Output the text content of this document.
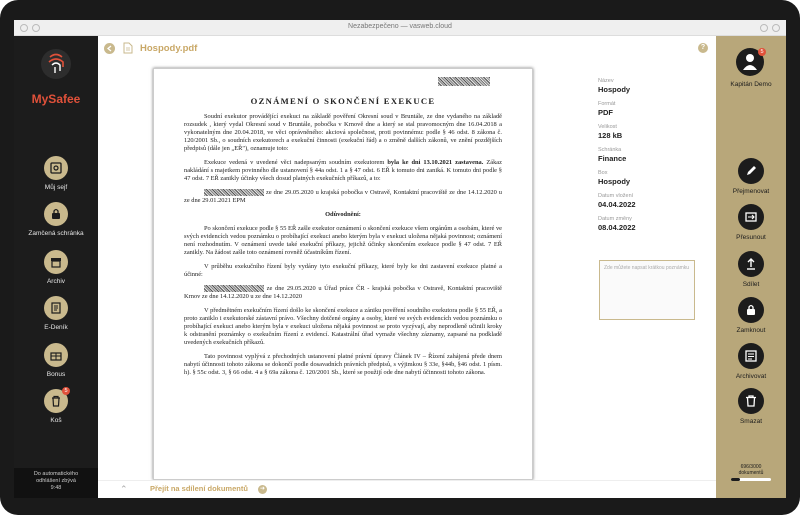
Nezabezpečeno — vasweb.cloud
MySafee
Můj sejf
Zamčená schránka
Archiv
E-Deník
Bonus
5
Koš
Do automatického
odhlášení zbývá
9:48
Hospody.pdf	?
OZNÁMENÍ O SKONČENÍ EXEKUCE

Soudní exekutor provádějící exekuci na základě pověření Okresní soud v Bruntále, ze dne vydaného na základě rozsudek , který vydal Okresní soud v Bruntále, pobočka v Krnově dne a který se stal pravomocným dne 16.04.2018 a vykonatelným dne 20.04.2018, ve věci oprávněného: akciová společnost, proti povinnému: podle § 46 odst. 8 zákona č. 120/2001 Sb., o soudních exekutorech a exekuční činnosti (exekuční řád) a o změně dalších zákonů, ve znění pozdějších předpisů (dále jen „EŘ"), oznamuje toto:

Exekuce vedená v uvedené věci nadepsaným soudním exekutorem byla ke dni 13.10.2021 zastavena. Zákaz nakládání s majetkem povinného dle ustanovení § 44a odst. 1 a § 47 odst. 6 EŘ k tomuto dni zaniká. K tomuto dni podle § 47 odst. 7 EŘ zanikly účinky všech dosud platných exekučních příkazů, a to:

ze dne 29.05.2020 u krajská pobočka v Ostravě, Kontaktní pracoviště ze dne 14.12.2020 u ze dne 29.01.2021 EPM

Odůvodnění:

Po skončení exekuce podle § 55 EŘ zašle exekutor oznámení o skončení exekuce všem orgánům a osobám, které ve svých evidencích vedou poznámku o probíhající exekuci anebo kterým byla v exekuci uložena nějaká povinnost; oznámení není rozhodnutím. V oznámení uvede také exekuční příkazy, jejichž účinky skončením exekuce podle § 47 odst. 7 EŘ zanikly. Na žádost zašle toto oznámení rovněž účastníkům řízení.

V průběhu exekučního řízení byly vydány tyto exekuční příkazy, které byly ke dni zastavení exekuce platné a účinné:

ze dne 29.05.2020 u Úřad práce ČR - krajská pobočka v Ostravě, Kontaktní pracoviště Krnov ze dne 14.12.2020 u ze dne 14.12.2020

V předmětném exekučním řízení došlo ke skončení exekuce a zániku pověření soudního exekutora podle § 55 EŘ, a proto zaniklo i exekutorské zástavní právo. Všechny dotčené orgány a osoby, které ve svých evidencích vedou poznámku o probíhající exekuci anebo kterým byla v exekuci uložena nějaká povinnost se proto vyzývají, aby neprodleně učinili kroky k odstranění poznámky o exekučním řízení z evidencí. Katastrální úřad vymaže všechny záznamy, zapsané na podkladě uvedených exekučních příkazů.

Tato povinnost vyplývá z přechodných ustanovení platné právní úpravy Článek IV – Řízení zahájená přede dnem nabytí účinnosti tohoto zákona se dokončí podle dosavadních právních předpisů, s výjimkou § 33e, §44b, §46 odst. 1 písm. h). § 55c odst. 3, § 66 odst. 4 a § 69a zákona č. 120/2001 Sb., které se použijí ode dne nabytí účinnosti tohoto zákona.

⌃	Přejít na sdílení dokumentů	➜
Název
Hospody
Formát
PDF
Velikost
128 kB
Schránka
Finance
Box
Hospody
Datum vložení
04.04.2022
Datum změny
08.04.2022
Zde můžete napsat krátkou poznámku
5
Kapitán Demo
Přejmenovat
Přesunout
Sdílet
Zamknout
Archivovat
Smazat
696/3000
dokumentů
